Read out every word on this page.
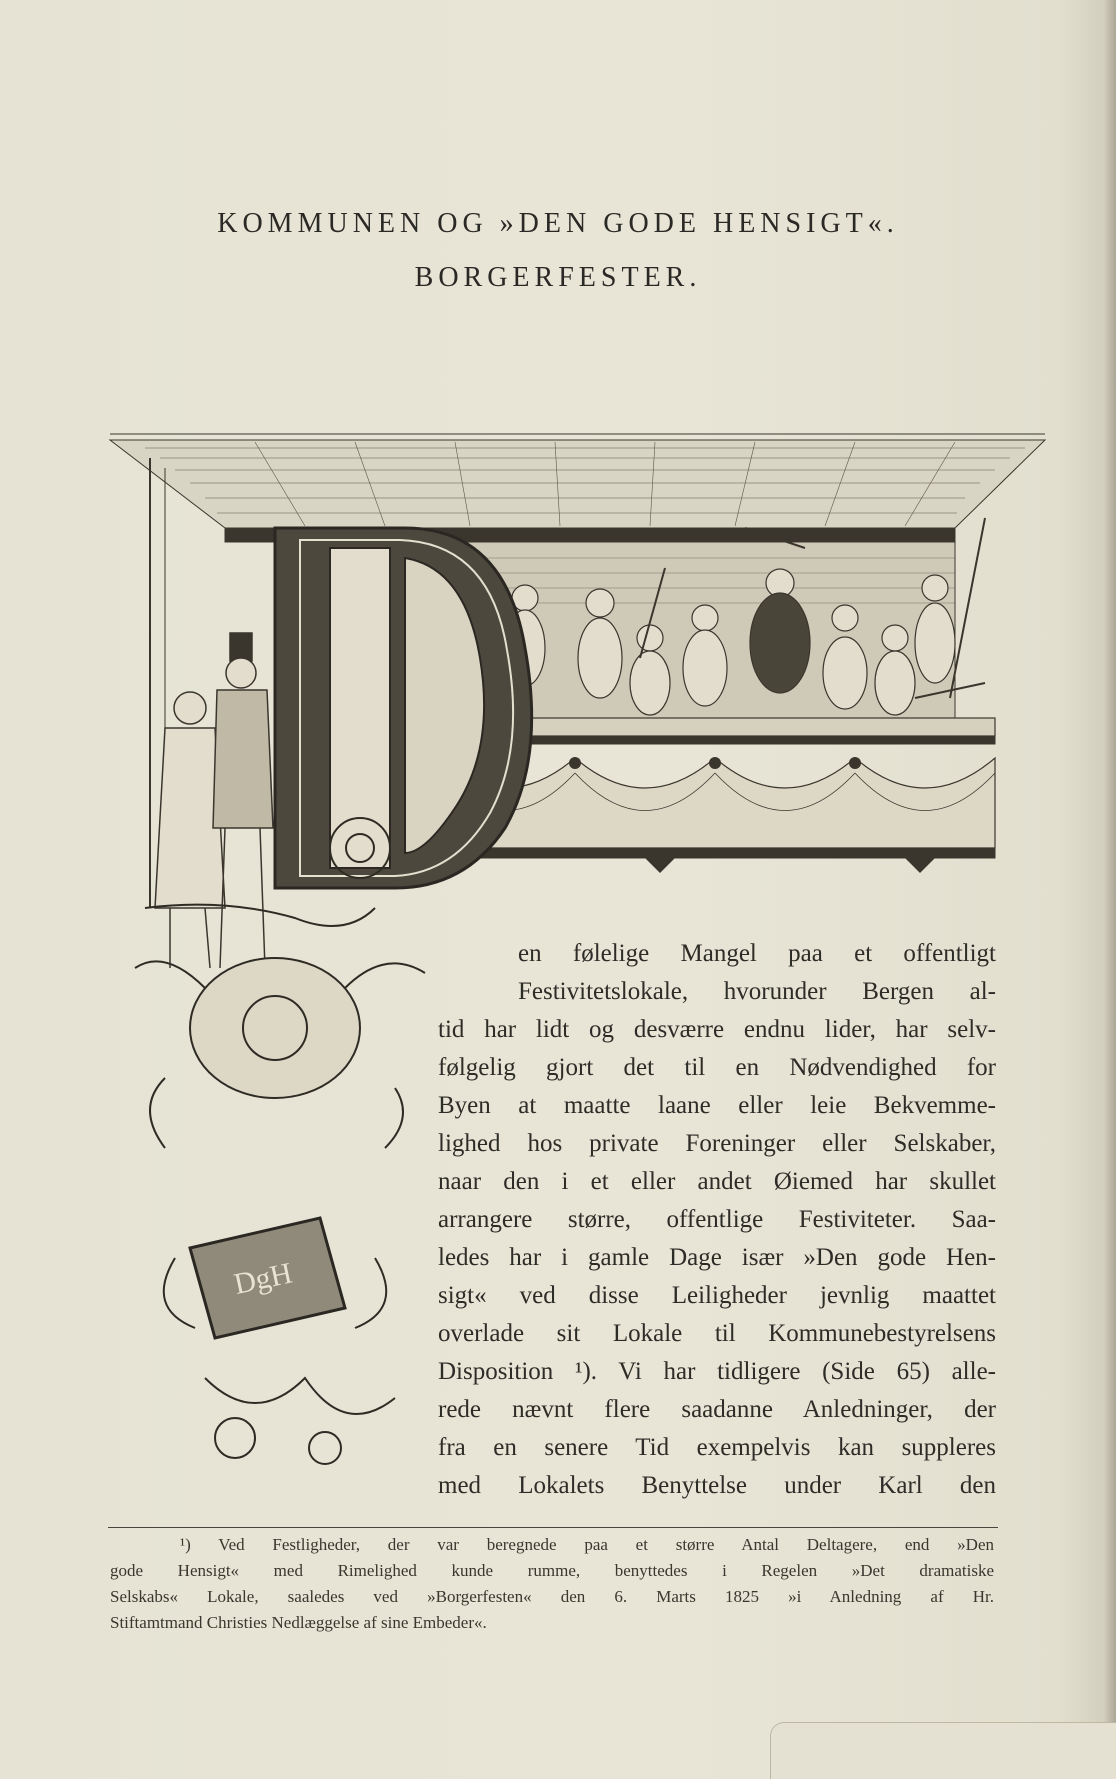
KOMMUNEN OG »DEN GODE HENSIGT«.
BORGERFESTER.
DgH
en følelige Mangel paa et offentligt
Festivitetslokale, hvorunder Bergen al-
tid har lidt og desværre endnu lider, har selv-
følgelig gjort det til en Nødvendighed for
Byen at maatte laane eller leie Bekvemme-
lighed hos private Foreninger eller Selskaber,
naar den i et eller andet Øiemed har skullet
arrangere større, offentlige Festiviteter. Saa-
ledes har i gamle Dage især »Den gode Hen-
sigt« ved disse Leiligheder jevnlig maattet
overlade sit Lokale til Kommunebestyrelsens
Disposition ¹). Vi har tidligere (Side 65) alle-
rede nævnt flere saadanne Anledninger, der
fra en senere Tid exempelvis kan suppleres
med Lokalets Benyttelse under Karl den
¹) Ved Festligheder, der var beregnede paa et større Antal Deltagere, end »Den
gode Hensigt« med Rimelighed kunde rumme, benyttedes i Regelen »Det dramatiske
Selskabs« Lokale, saaledes ved »Borgerfesten« den 6. Marts 1825 »i Anledning af Hr.
Stiftamtmand Christies Nedlæggelse af sine Embeder«.
